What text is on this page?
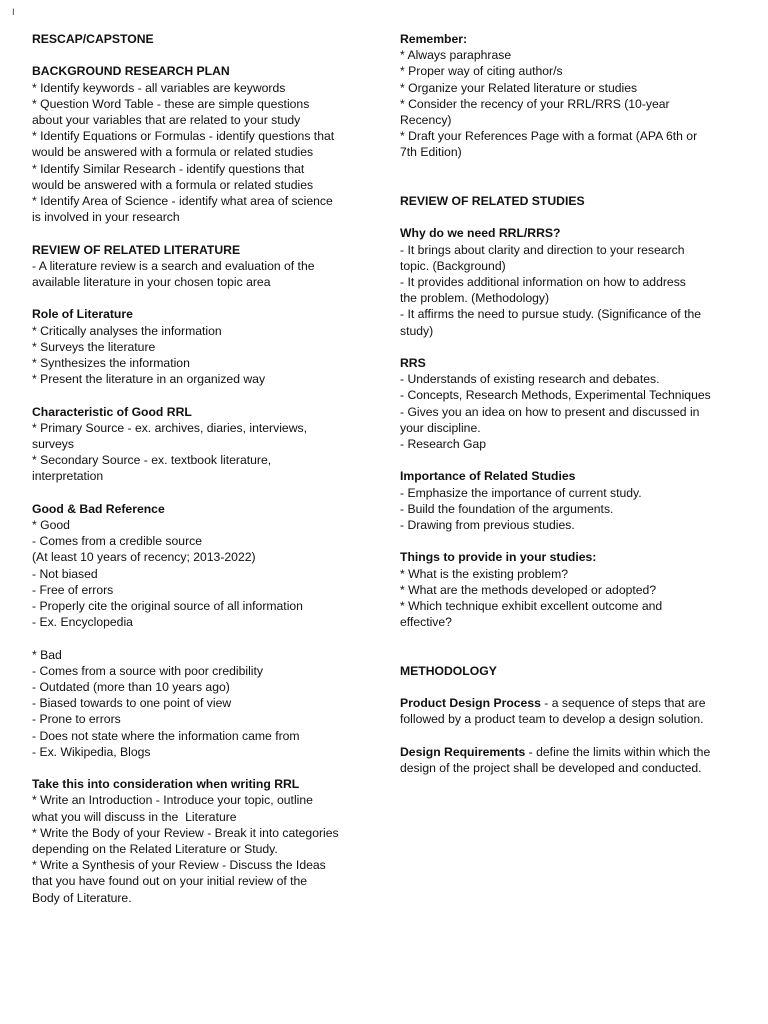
I
RESCAP/CAPSTONE
BACKGROUND RESEARCH PLAN
* Identify keywords - all variables are keywords
* Question Word Table - these are simple questions
about your variables that are related to your study
* Identify Equations or Formulas - identify questions that
would be answered with a formula or related studies
* Identify Similar Research - identify questions that
would be answered with a formula or related studies
* Identify Area of Science - identify what area of science
is involved in your research
REVIEW OF RELATED LITERATURE
- A literature review is a search and evaluation of the
available literature in your chosen topic area
Role of Literature
* Critically analyses the information
* Surveys the literature
* Synthesizes the information
* Present the literature in an organized way
Characteristic of Good RRL
* Primary Source - ex. archives, diaries, interviews,
surveys
* Secondary Source - ex. textbook literature,
interpretation
Good & Bad Reference
* Good
- Comes from a credible source
(At least 10 years of recency; 2013-2022)
- Not biased
- Free of errors
- Properly cite the original source of all information
- Ex. Encyclopedia
* Bad
- Comes from a source with poor credibility
- Outdated (more than 10 years ago)
- Biased towards to one point of view
- Prone to errors
- Does not state where the information came from
- Ex. Wikipedia, Blogs
Take this into consideration when writing RRL
* Write an Introduction - Introduce your topic, outline
what you will discuss in the  Literature
* Write the Body of your Review - Break it into categories
depending on the Related Literature or Study.
* Write a Synthesis of your Review - Discuss the Ideas
that you have found out on your initial review of the
Body of Literature.
Remember:
* Always paraphrase
* Proper way of citing author/s
* Organize your Related literature or studies
* Consider the recency of your RRL/RRS (10-year
Recency)
* Draft your References Page with a format (APA 6th or
7th Edition)
REVIEW OF RELATED STUDIES
Why do we need RRL/RRS?
- It brings about clarity and direction to your research
topic. (Background)
- It provides additional information on how to address
the problem. (Methodology)
- It affirms the need to pursue study. (Significance of the
study)
RRS
- Understands of existing research and debates.
- Concepts, Research Methods, Experimental Techniques
- Gives you an idea on how to present and discussed in
your discipline.
- Research Gap
Importance of Related Studies
- Emphasize the importance of current study.
- Build the foundation of the arguments.
- Drawing from previous studies.
Things to provide in your studies:
* What is the existing problem?
* What are the methods developed or adopted?
* Which technique exhibit excellent outcome and
effective?
METHODOLOGY
Product Design Process - a sequence of steps that are
followed by a product team to develop a design solution.
Design Requirements - define the limits within which the
design of the project shall be developed and conducted.
